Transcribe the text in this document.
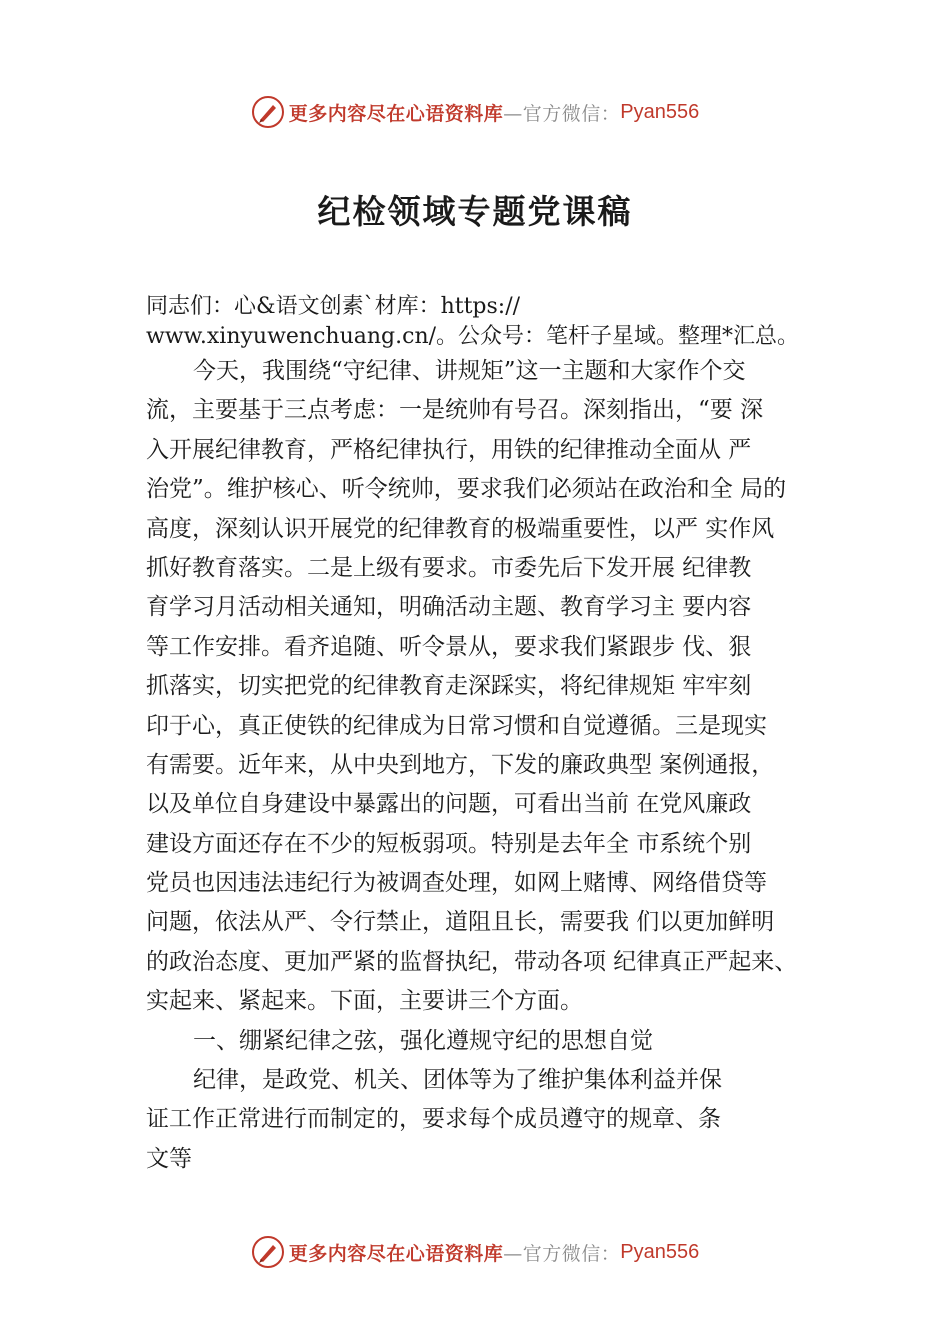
更多内容尽在心语资料库 —官方微信： Pyan556
纪检领域专题党课稿
同志们：心&语文创素`材库：https://
www.xinyuwenchuang.cn/。公众号：笔杆子星域。整理*汇总。
今天，我围绕“守纪律、讲规矩”这一主题和大家作个交
流，主要基于三点考虑：一是统帅有号召。深刻指出，“要 深
入开展纪律教育，严格纪律执行，用铁的纪律推动全面从 严
治党”。维护核心、听令统帅，要求我们必须站在政治和全 局的
高度，深刻认识开展党的纪律教育的极端重要性，以严 实作风
抓好教育落实。二是上级有要求。市委先后下发开展 纪律教
育学习月活动相关通知，明确活动主题、教育学习主 要内容
等工作安排。看齐追随、听令景从，要求我们紧跟步 伐、狠
抓落实，切实把党的纪律教育走深踩实，将纪律规矩 牢牢刻
印于心，真正使铁的纪律成为日常习惯和自觉遵循。三是现实
有需要。近年来，从中央到地方，下发的廉政典型 案例通报，
以及单位自身建设中暴露出的问题，可看出当前 在党风廉政
建设方面还存在不少的短板弱项。特别是去年全 市系统个别
党员也因违法违纪行为被调查处理，如网上赌博、网络借贷等
问题，依法从严、令行禁止，道阻且长，需要我 们以更加鲜明
的政治态度、更加严紧的监督执纪，带动各项 纪律真正严起来、
实起来、紧起来。下面，主要讲三个方面。
一、绷紧纪律之弦，强化遵规守纪的思想自觉
纪律，是政党、机关、团体等为了维护集体利益并保
证工作正常进行而制定的，要求每个成员遵守的规章、条
文等
更多内容尽在心语资料库 —官方微信： Pyan556
